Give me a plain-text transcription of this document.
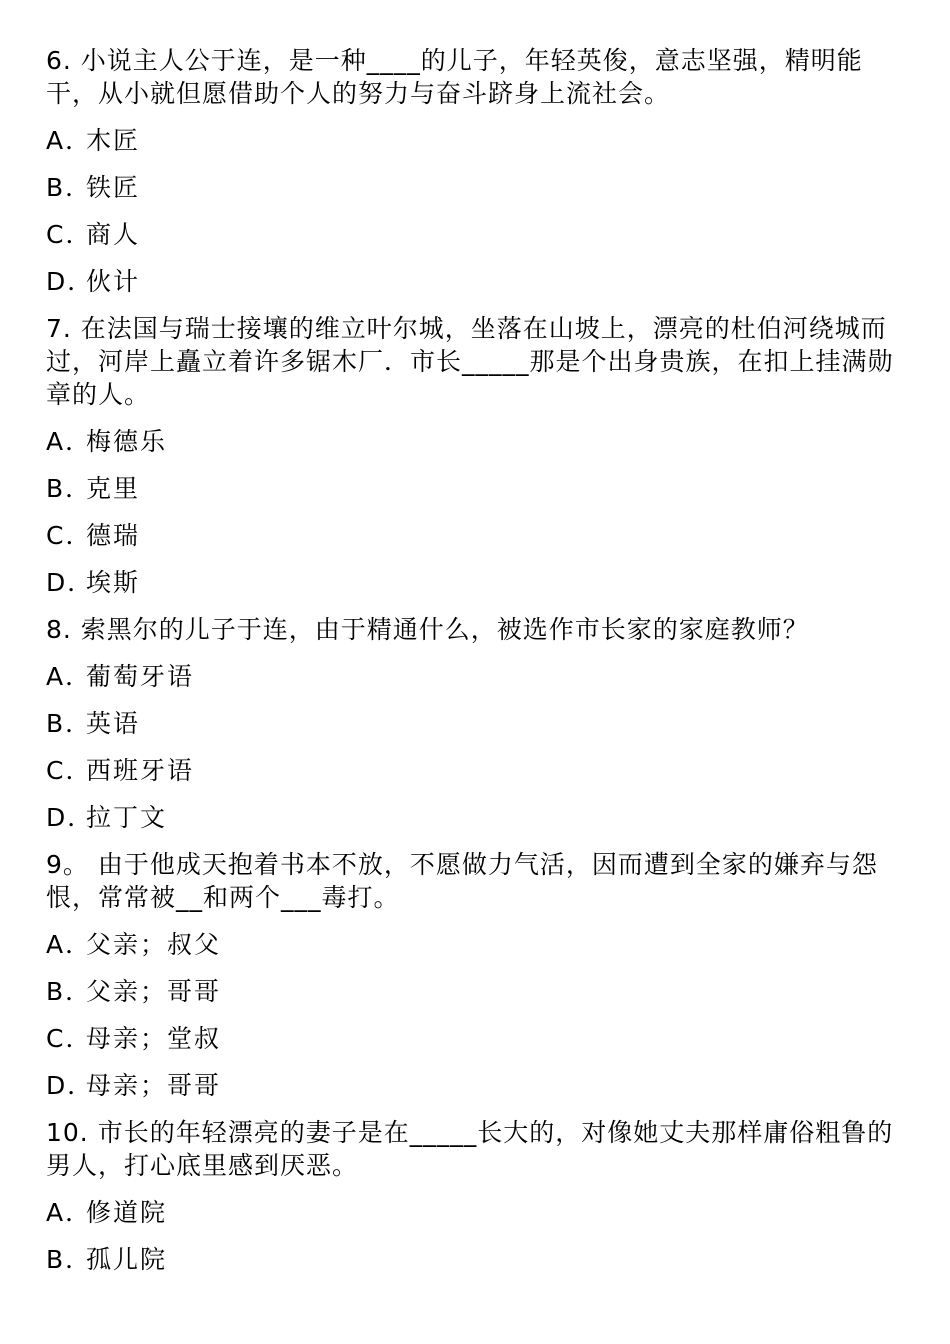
6. 小说主人公于连，是一种____的儿子，年轻英俊，意志坚强，精明能干，从小就但愿借助个人的努力与奋斗跻身上流社会。

A．木匠
B．铁匠
C．商人
D．伙计

7. 在法国与瑞士接壤的维立叶尔城，坐落在山坡上，漂亮的杜伯河绕城而过，河岸上矗立着许多锯木厂．市长_____那是个出身贵族，在扣上挂满勋章的人。

A．梅德乐
B．克里
C．德瑞
D．埃斯

8. 索黑尔的儿子于连，由于精通什么，被选作市长家的家庭教师？

A．葡萄牙语
B．英语
C．西班牙语
D．拉丁文

9。 由于他成天抱着书本不放，不愿做力气活，因而遭到全家的嫌弃与怨恨，常常被__和两个___毒打。

A．父亲；叔父
B．父亲；哥哥
C．母亲；堂叔
D．母亲；哥哥

10. 市长的年轻漂亮的妻子是在_____长大的，对像她丈夫那样庸俗粗鲁的男人，打心底里感到厌恶。

A．修道院
B．孤儿院
